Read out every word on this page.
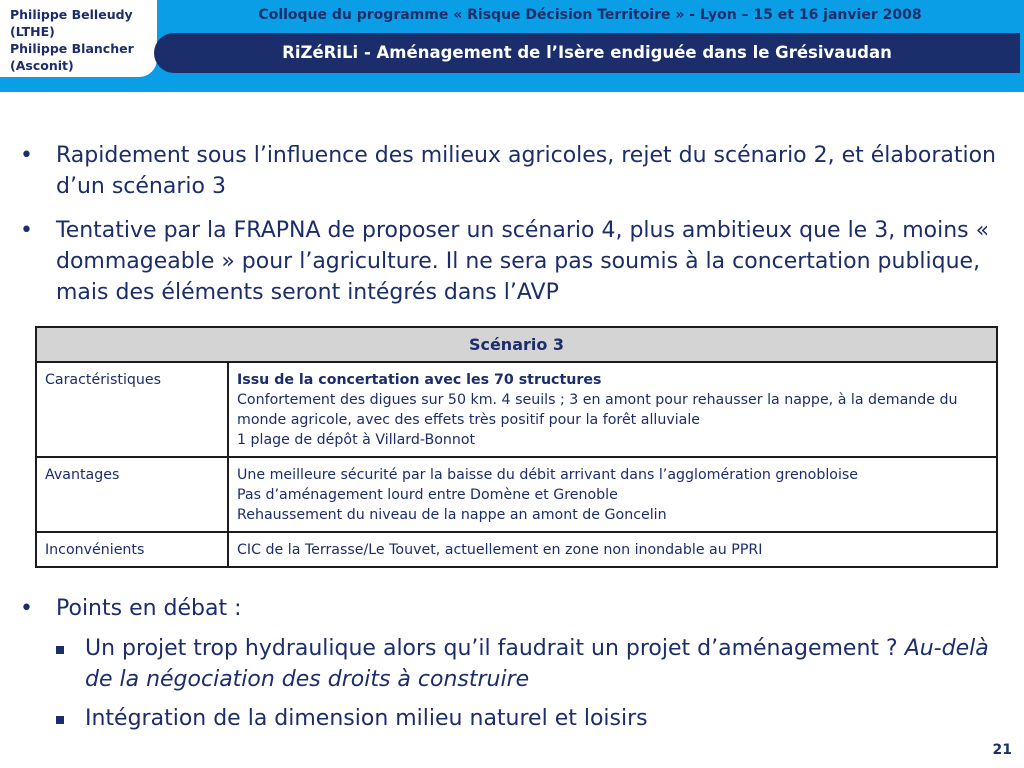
Philippe Belleudy
(LTHE)
Philippe Blancher
(Asconit)
Colloque du programme « Risque Décision Territoire » - Lyon – 15 et 16 janvier 2008
RiZéRiLi - Aménagement de l’Isère endiguée dans le Grésivaudan
•	Rapidement sous l’influence des milieux agricoles, rejet du scénario 2, et élaboration d’un scénario 3
•	Tentative par la FRAPNA de proposer un scénario 4, plus ambitieux que le 3, moins « dommageable » pour l’agriculture. Il ne sera pas soumis à la concertation publique, mais des éléments seront intégrés dans l’AVP
Scénario 3	
Caractéristiques	Issu de la concertation avec les 70 structures
Confortement des digues sur 50 km. 4 seuils ; 3 en amont pour rehausser la nappe, à la demande du monde agricole, avec des effets très positif pour la forêt alluviale
1 plage de dépôt à Villard-Bonnot

Avantages	Une meilleure sécurité par la baisse du débit arrivant dans l’agglomération grenobloise
Pas d’aménagement lourd entre Domène et Grenoble
Rehaussement du niveau de la nappe an amont de Goncelin

Inconvénients	CIC de la Terrasse/Le Touvet, actuellement en zone non inondable au PPRI
•	Points en débat :
Un projet trop hydraulique alors qu’il faudrait un projet d’aménagement ? Au-delà de la négociation des droits à construire
Intégration de la dimension milieu naturel et loisirs
21
